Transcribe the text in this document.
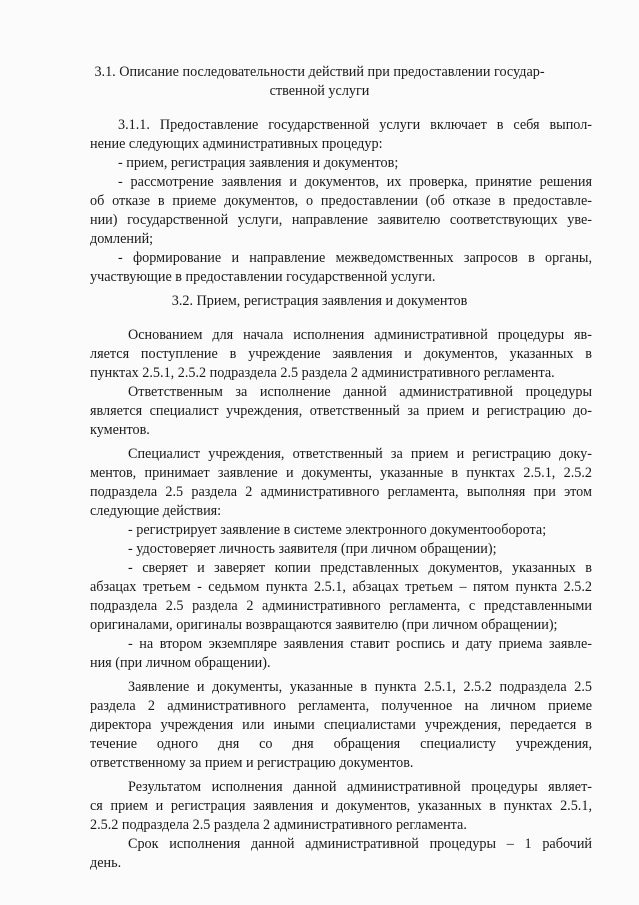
3.1. Описание последовательности действий при предоставлении государ-
ственной услуги
3.1.1. Предоставление государственной услуги включает в себя выпол-
нение следующих административных процедур:
- прием, регистрация заявления и документов;
- рассмотрение заявления и документов, их проверка, принятие решения
об отказе в приеме документов, о предоставлении (об отказе в предоставле-
нии) государственной услуги, направление заявителю соответствующих уве-
домлений;
- формирование и направление межведомственных запросов в органы,
участвующие в предоставлении государственной услуги.
3.2. Прием, регистрация заявления и документов
Основанием для начала исполнения административной процедуры яв-
ляется поступление в учреждение заявления и документов, указанных в
пунктах 2.5.1, 2.5.2 подраздела 2.5 раздела 2 административного регламента.
Ответственным за исполнение данной административной процедуры
является специалист учреждения, ответственный за прием и регистрацию до-
кументов.
Специалист учреждения, ответственный за прием и регистрацию доку-
ментов, принимает заявление и документы, указанные в пунктах 2.5.1, 2.5.2
подраздела 2.5 раздела 2 административного регламента, выполняя при этом
следующие действия:
- регистрирует заявление в системе электронного документооборота;
- удостоверяет личность заявителя (при личном обращении);
- сверяет и заверяет копии представленных документов, указанных в
абзацах третьем - седьмом пункта 2.5.1, абзацах третьем – пятом пункта 2.5.2
подраздела 2.5 раздела 2 административного регламента, с представленными
оригиналами, оригиналы возвращаются заявителю (при личном обращении);
- на втором экземпляре заявления ставит роспись и дату приема заявле-
ния (при личном обращении).
Заявление и документы, указанные в пункта 2.5.1, 2.5.2 подраздела 2.5
раздела 2 административного регламента, полученное на личном приеме
директора учреждения или иными специалистами учреждения, передается в
течение одного дня со дня обращения специалисту учреждения,
ответственному за прием и регистрацию документов.
Результатом исполнения данной административной процедуры являет-
ся прием и регистрация заявления и документов, указанных в пунктах 2.5.1,
2.5.2 подраздела 2.5 раздела 2 административного регламента.
Срок исполнения данной административной процедуры – 1 рабочий
день.
